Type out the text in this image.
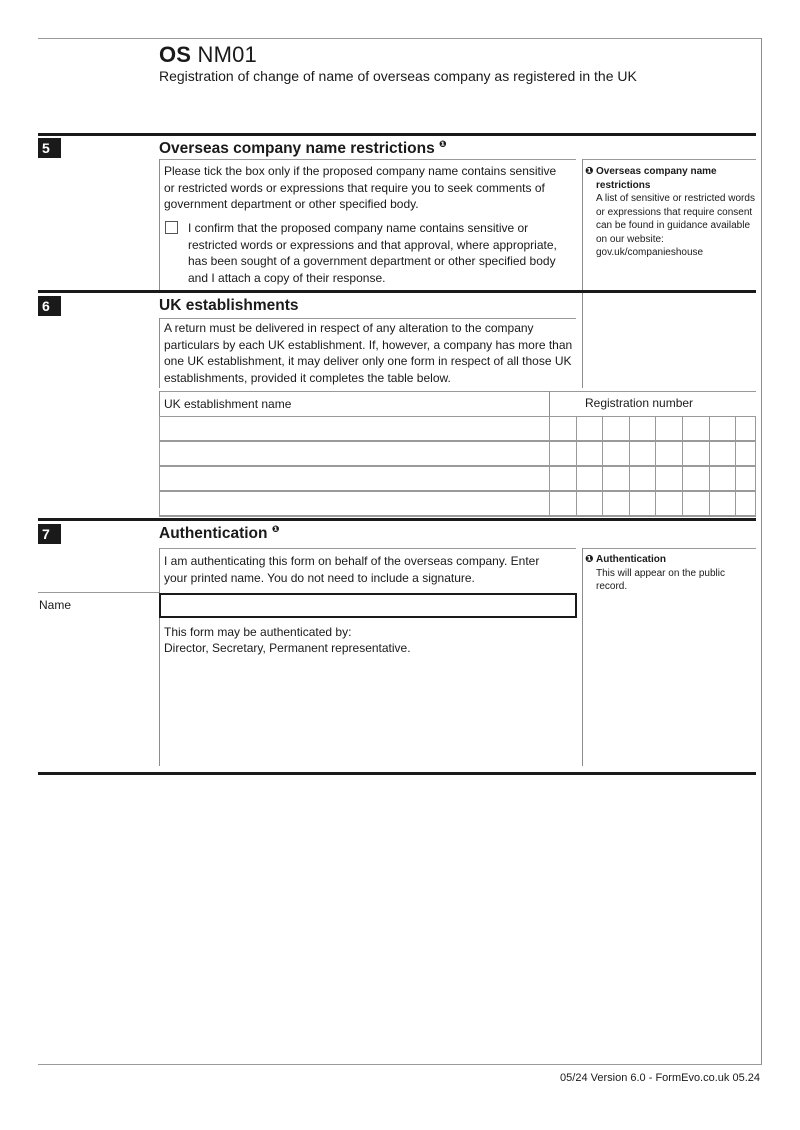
OS NM01
Registration of change of name of overseas company as registered in the UK
5	Overseas company name restrictions $^❶$
Please tick the box only if the proposed company name contains sensitive or restricted words or expressions that require you to seek comments of government department or other specified body.
I confirm that the proposed company name contains sensitive or restricted words or expressions and that approval, where appropriate, has been sought of a government department or other specified body and I attach a copy of their response.
❶ Overseas company name restrictions
A list of sensitive or restricted words or expressions that require consent can be found in guidance available on our website: gov.uk/companieshouse
6	UK establishments
A return must be delivered in respect of any alteration to the company particulars by each UK establishment. If, however, a company has more than one UK establishment, it may deliver only one form in respect of all those UK establishments, provided it completes the table below.
UK establishment name	Registration number
7	Authentication $^❶$
I am authenticating this form on behalf of the overseas company. Enter your printed name. You do not need to include a signature.
Name
This form may be authenticated by:
Director, Secretary, Permanent representative.
❶ Authentication
This will appear on the public record.
05/24 Version 6.0 - FormEvo.co.uk 05.24
